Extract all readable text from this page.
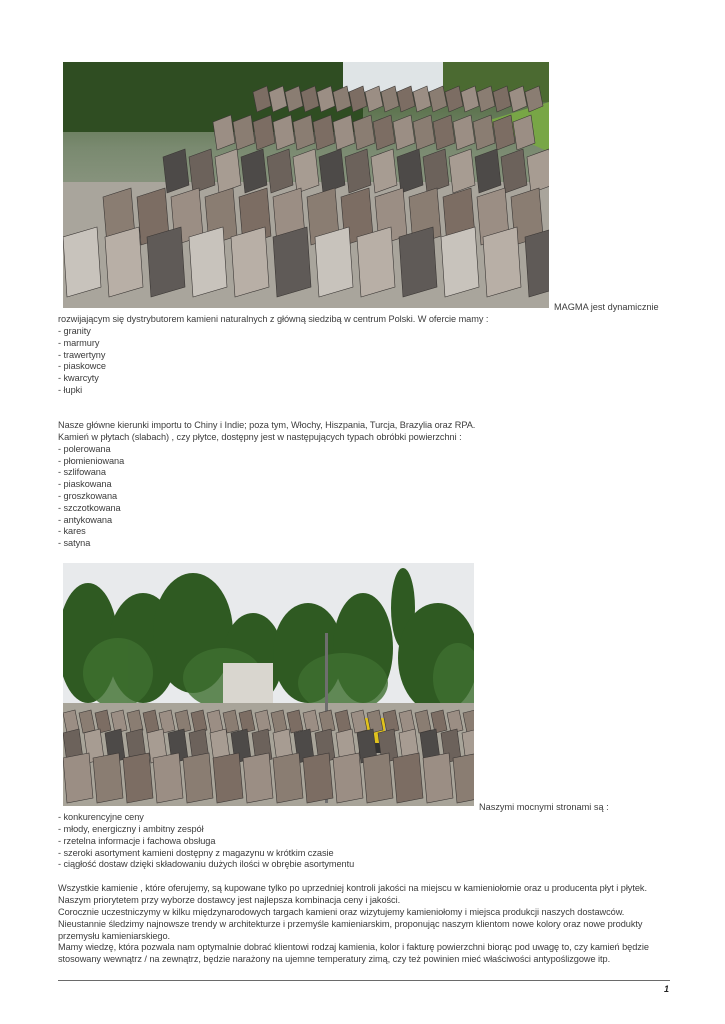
MAGMA jest dynamicznie
rozwijającym się dystrybutorem kamieni naturalnych z główną siedzibą w centrum Polski. W ofercie mamy :
- granity
- marmury
- trawertyny
- piaskowce
- kwarcyty
- łupki
Nasze główne kierunki importu to Chiny i Indie; poza tym, Włochy, Hiszpania, Turcja, Brazylia oraz RPA.
Kamień w płytach (slabach) , czy płytce, dostępny jest w następujących typach obróbki powierzchni :
- polerowana
- płomieniowana
- szlifowana
- piaskowana
- groszkowana
- szczotkowana
- antykowana
- kares
- satyna
Naszymi mocnymi stronami są :
- konkurencyjne ceny
- młody, energiczny i ambitny zespół
- rzetelna informacje i fachowa obsługa
- szeroki asortyment kamieni dostępny z magazynu w krótkim czasie
- ciągłość dostaw dzięki składowaniu dużych ilości w obrębie asortymentu
Wszystkie kamienie , które oferujemy, są kupowane tylko po uprzedniej kontroli jakości na miejscu w kamieniołomie oraz u producenta płyt i płytek.
Naszym priorytetem przy wyborze dostawcy jest najlepsza kombinacja ceny i jakości.
Corocznie uczestniczymy w kilku międzynarodowych targach kamieni oraz wizytujemy kamieniołomy i miejsca produkcji naszych dostawców.
Nieustannie śledzimy najnowsze trendy w architekturze i przemyśle kamieniarskim, proponując naszym klientom nowe kolory oraz nowe produkty
przemysłu kamieniarskiego.
Mamy wiedzę, która pozwala nam optymalnie dobrać klientowi rodzaj kamienia, kolor i fakturę powierzchni biorąc pod uwagę to, czy kamień będzie
stosowany wewnątrz / na zewnątrz, będzie narażony na ujemne temperatury zimą, czy też powinien mieć właściwości antypoślizgowe itp.
1
